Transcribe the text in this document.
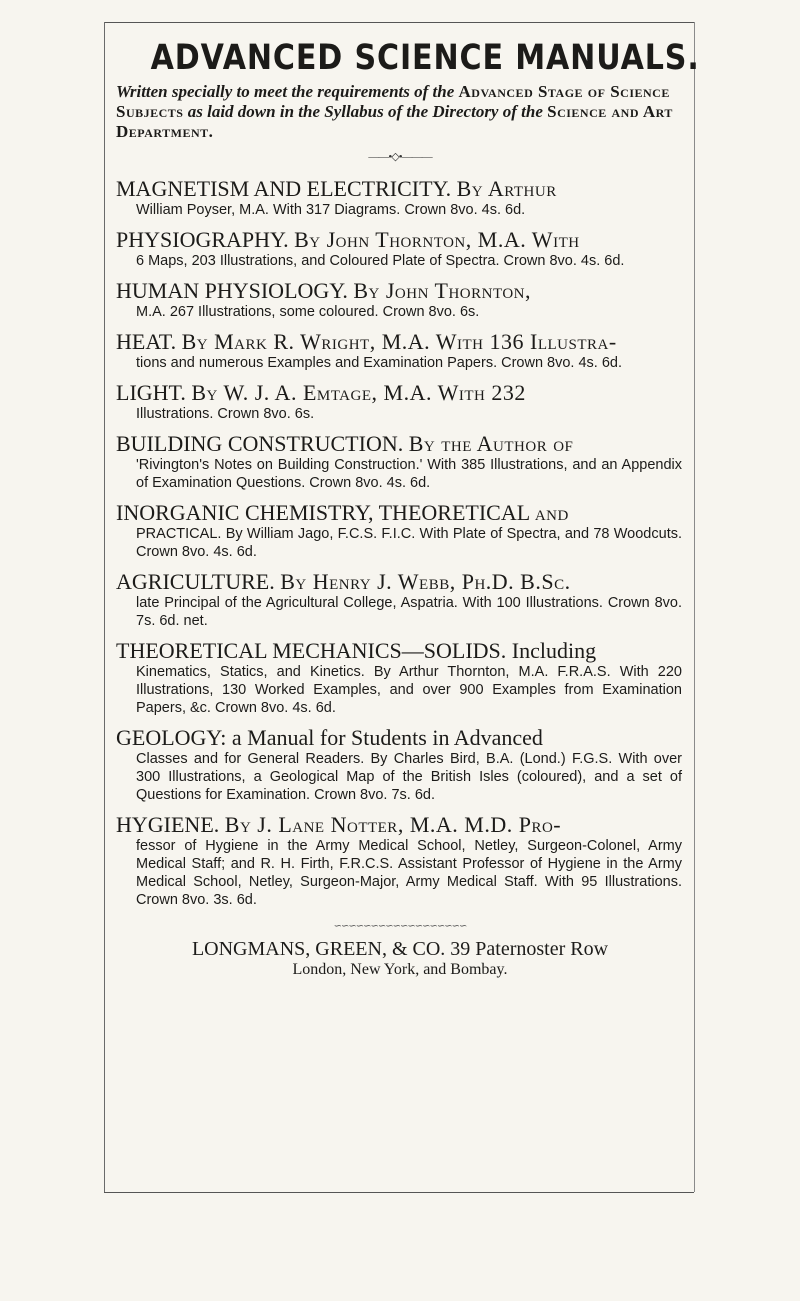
ADVANCED SCIENCE MANUALS.
Written specially to meet the requirements of the Advanced Stage of Science Subjects as laid down in the Syllabus of the Directory of the Science and Art Department.
——•◇•———
MAGNETISM AND ELECTRICITY. By Arthur
William Poyser, M.A. With 317 Diagrams. Crown 8vo. 4s. 6d.
PHYSIOGRAPHY. By John Thornton, M.A. With
6 Maps, 203 Illustrations, and Coloured Plate of Spectra. Crown 8vo. 4s. 6d.
HUMAN PHYSIOLOGY. By John Thornton,
M.A. 267 Illustrations, some coloured. Crown 8vo. 6s.
HEAT. By Mark R. Wright, M.A. With 136 Illustra-
tions and numerous Examples and Examination Papers. Crown 8vo. 4s. 6d.
LIGHT. By W. J. A. Emtage, M.A. With 232
Illustrations. Crown 8vo. 6s.
BUILDING CONSTRUCTION. By the Author of
'Rivington's Notes on Building Construction.' With 385 Illustrations, and an Appendix of Examination Questions. Crown 8vo. 4s. 6d.
INORGANIC CHEMISTRY, THEORETICAL and
PRACTICAL. By William Jago, F.C.S. F.I.C. With Plate of Spectra, and 78 Woodcuts. Crown 8vo. 4s. 6d.
AGRICULTURE. By Henry J. Webb, Ph.D. B.Sc.
late Principal of the Agricultural College, Aspatria. With 100 Illustrations. Crown 8vo. 7s. 6d. net.
THEORETICAL MECHANICS—SOLIDS. Including
Kinematics, Statics, and Kinetics. By Arthur Thornton, M.A. F.R.A.S. With 220 Illustrations, 130 Worked Examples, and over 900 Examples from Examination Papers, &c. Crown 8vo. 4s. 6d.
GEOLOGY: a Manual for Students in Advanced
Classes and for General Readers. By Charles Bird, B.A. (Lond.) F.G.S. With over 300 Illustrations, a Geological Map of the British Isles (coloured), and a set of Questions for Examination. Crown 8vo. 7s. 6d.
HYGIENE. By J. Lane Notter, M.A. M.D. Pro-
fessor of Hygiene in the Army Medical School, Netley, Surgeon-Colonel, Army Medical Staff; and R. H. Firth, F.R.C.S. Assistant Professor of Hygiene in the Army Medical School, Netley, Surgeon-Major, Army Medical Staff. With 95 Illustrations. Crown 8vo. 3s. 6d.
∽∽∽∽∽∽∽∽∽∽∽∽∽∽∽∽∽∽
LONGMANS, GREEN, & CO. 39 Paternoster Row
London, New York, and Bombay.
